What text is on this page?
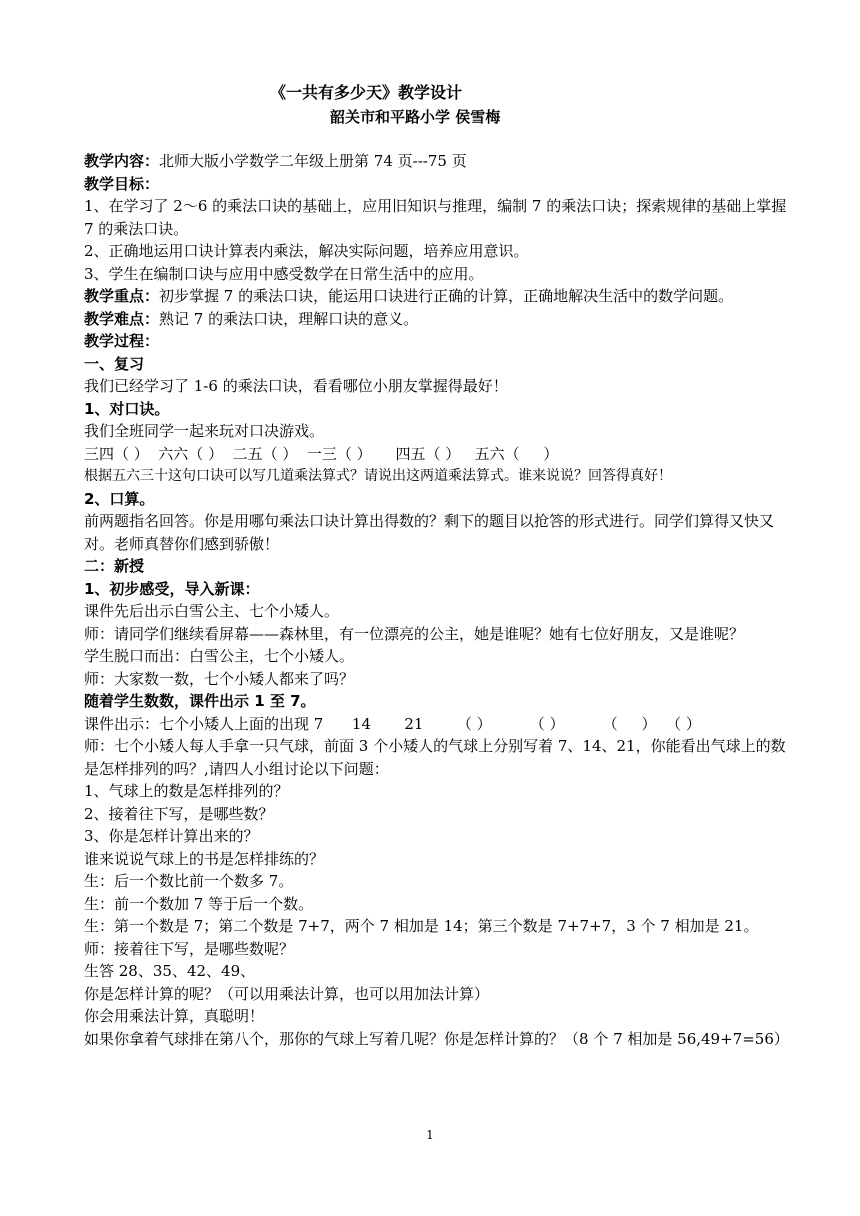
《一共有多少天》教学设计
韶关市和平路小学 侯雪梅

教学内容：北师大版小学数学二年级上册第 74 页---75 页

教学目标：

1、在学习了 2～6 的乘法口诀的基础上，应用旧知识与推理，编制 7 的乘法口诀；探索规律的基础上掌握 7 的乘法口诀。

2、正确地运用口诀计算表内乘法，解决实际问题，培养应用意识。

3、学生在编制口诀与应用中感受数学在日常生活中的应用。

教学重点：初步掌握 7 的乘法口诀，能运用口诀进行正确的计算，正确地解决生活中的数学问题。

教学难点：熟记 7 的乘法口诀，理解口诀的意义。

教学过程：

一、复习

我们已经学习了 1-6 的乘法口诀，看看哪位小朋友掌握得最好！

1、对口诀。

我们全班同学一起来玩对口决游戏。

三四（ ）  六六（ ）  二五（ ）  一三（ ）     四五（ ）   五六（     ）

根据五六三十这句口诀可以写几道乘法算式？请说出这两道乘法算式。谁来说说？回答得真好！

2、口算。

前两题指名回答。你是用哪句乘法口诀计算出得数的？剩下的题目以抢答的形式进行。同学们算得又快又对。老师真替你们感到骄傲！

二：新授

1、初步感受，导入新课：

课件先后出示白雪公主、七个小矮人。

师：请同学们继续看屏幕——森林里，有一位漂亮的公主，她是谁呢？她有七位好朋友，又是谁呢？

学生脱口而出：白雪公主，七个小矮人。

师：大家数一数，七个小矮人都来了吗？

随着学生数数，课件出示 1 至 7。

课件出示：七个小矮人上面的出现 7      14       21       （ ）        （ ）        （     ）  （ ）

师：七个小矮人每人手拿一只气球，前面 3 个小矮人的气球上分别写着 7、14、21，你能看出气球上的数是怎样排列的吗？,请四人小组讨论以下问题：

1、气球上的数是怎样排列的？

2、接着往下写，是哪些数？

3、你是怎样计算出来的？

谁来说说气球上的书是怎样排练的？

生：后一个数比前一个数多 7。

生：前一个数加 7 等于后一个数。

生：第一个数是 7；第二个数是 7+7，两个 7 相加是 14；第三个数是 7+7+7，3 个 7 相加是 21。

师：接着往下写，是哪些数呢？

生答 28、35、42、49、

你是怎样计算的呢？（可以用乘法计算，也可以用加法计算）

你会用乘法计算，真聪明！

如果你拿着气球排在第八个，那你的气球上写着几呢？你是怎样计算的？（8 个 7 相加是 56,49+7=56）

1
